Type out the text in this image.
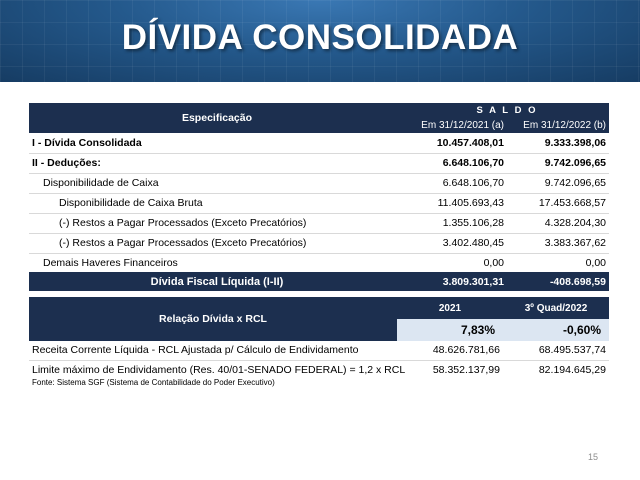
DÍVIDA CONSOLIDADA
Especificação	S A L D O	
	Em 31/12/2021 (a)	Em 31/12/2022 (b)
I - Dívida Consolidada	10.457.408,01	9.333.398,06
II - Deduções:	6.648.106,70	9.742.096,65
Disponibilidade de Caixa	6.648.106,70	9.742.096,65
Disponibilidade de Caixa Bruta	11.405.693,43	17.453.668,57
(-) Restos a Pagar Processados (Exceto Precatórios)	1.355.106,28	4.328.204,30
(-) Restos a Pagar Processados (Exceto Precatórios)	3.402.480,45	3.383.367,62
Demais Haveres Financeiros	0,00	0,00
Dívida Fiscal Líquida (I-II)	3.809.301,31	-408.698,59
Relação Dívida x RCL	2021	3º Quad/2022
	7,83%	-0,60%
Receita Corrente Líquida - RCL Ajustada p/ Cálculo de Endividamento	48.626.781,66	68.495.537,74
Limite máximo de Endividamento (Res. 40/01-SENADO FEDERAL) = 1,2 x RCL	58.352.137,99	82.194.645,29
Fonte: Sistema SGF (Sistema de Contabilidade do Poder Executivo)
15
